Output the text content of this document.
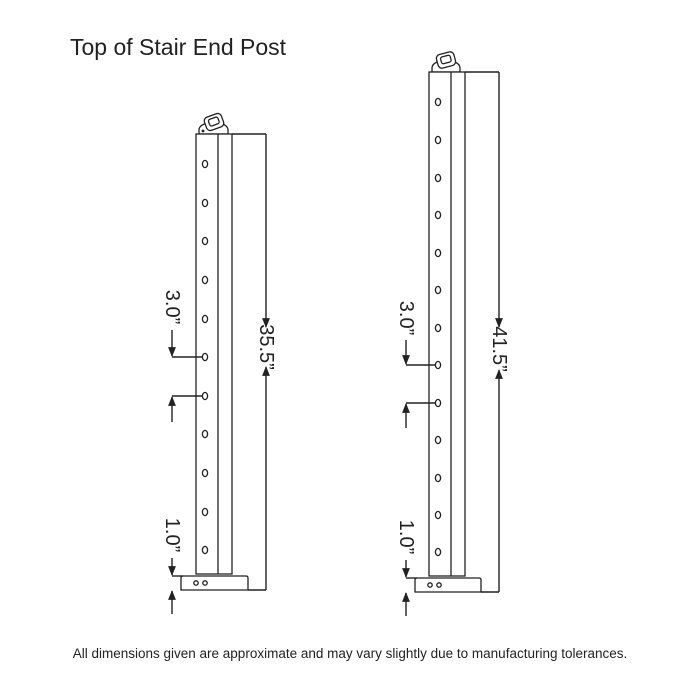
Top of Stair End Post
35.5”
3.0”
1.0”
41.5”
3.0”
1.0”
All dimensions given are approximate and may vary slightly due to manufacturing tolerances.
